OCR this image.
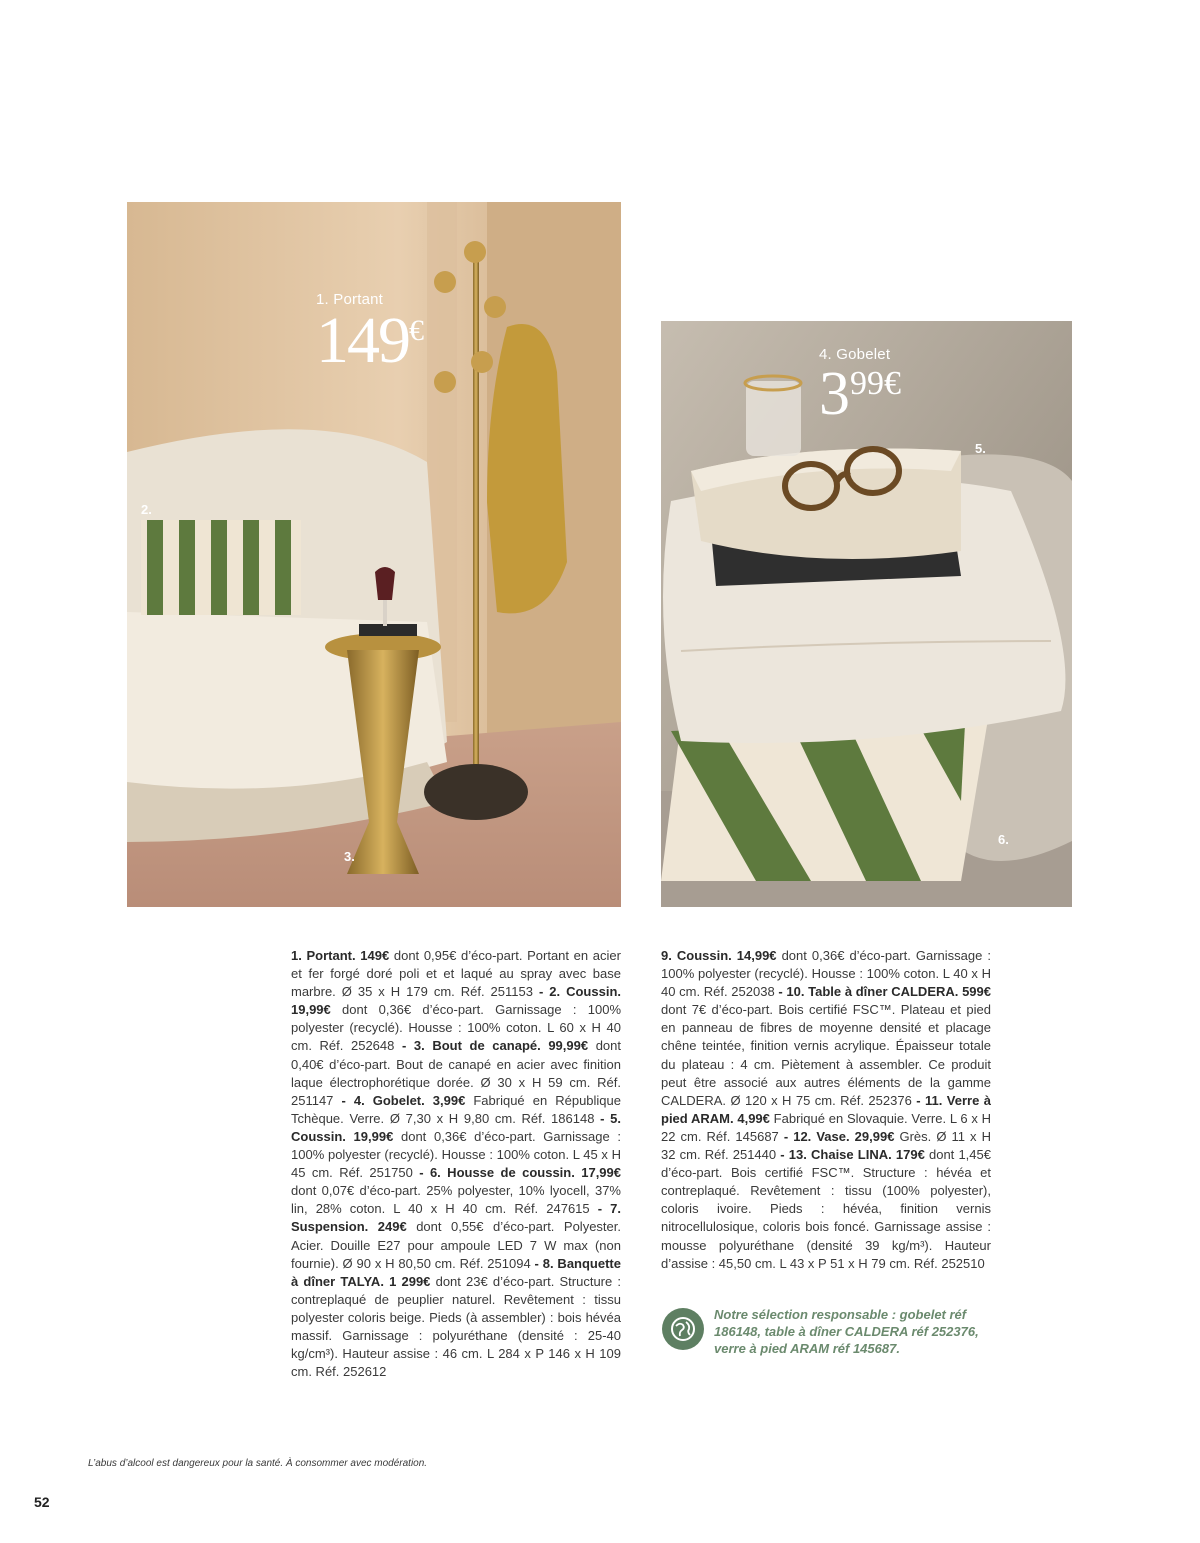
1. Portant
149€
2.
3.
4. Gobelet
399€
5.
6.
1. Portant. 149€ dont 0,95€ d’éco-part. Portant en acier et fer forgé doré poli et et laqué au spray avec base marbre. Ø 35 x H 179 cm. Réf. 251153 - 2. Coussin. 19,99€ dont 0,36€ d’éco-part. Garnissage : 100% polyester (recyclé). Housse : 100% coton. L 60 x H 40 cm. Réf. 252648 - 3. Bout de canapé. 99,99€ dont 0,40€ d’éco-part. Bout de canapé en acier avec finition laque électrophorétique dorée. Ø 30 x H 59 cm. Réf. 251147 - 4. Gobelet. 3,99€ Fabriqué en République Tchèque. Verre. Ø 7,30 x H 9,80 cm. Réf. 186148 - 5. Coussin. 19,99€ dont 0,36€ d’éco-part. Garnissage : 100% polyester (recyclé). Housse : 100% coton. L 45 x H 45 cm. Réf. 251750 - 6. Housse de coussin. 17,99€ dont 0,07€ d’éco-part. 25% polyester, 10% lyocell, 37% lin, 28% coton. L 40 x H 40 cm. Réf. 247615 - 7. Suspension. 249€ dont 0,55€ d’éco-part. Polyester. Acier. Douille E27 pour ampoule LED 7 W max (non fournie). Ø 90 x H 80,50 cm. Réf. 251094 - 8. Banquette à dîner TALYA. 1 299€ dont 23€ d’éco-part. Structure : contreplaqué de peuplier naturel. Revêtement : tissu polyester coloris beige. Pieds (à assembler) : bois hévéa massif. Garnissage : polyuréthane (densité : 25-40 kg/cm³). Hauteur assise : 46 cm. L 284 x P 146 x H 109 cm. Réf. 252612
9. Coussin. 14,99€ dont 0,36€ d’éco-part. Garnissage : 100% polyester (recyclé). Housse : 100% coton. L 40 x H 40 cm. Réf. 252038 - 10. Table à dîner CALDERA. 599€ dont 7€ d’éco-part. Bois certifié FSC™. Plateau et pied en panneau de fibres de moyenne densité et placage chêne teintée, finition vernis acrylique. Épaisseur totale du plateau : 4 cm. Piètement à assembler. Ce produit peut être associé aux autres éléments de la gamme CALDERA. Ø 120 x H 75 cm. Réf. 252376 - 11. Verre à pied ARAM. 4,99€ Fabriqué en Slovaquie. Verre. L 6 x H 22 cm. Réf. 145687 - 12. Vase. 29,99€ Grès. Ø 11 x H 32 cm. Réf. 251440 - 13. Chaise LINA. 179€ dont 1,45€ d’éco-part. Bois certifié FSC™. Structure : hévéa et contreplaqué. Revêtement : tissu (100% polyester), coloris ivoire. Pieds : hévéa, finition vernis nitrocellulosique, coloris bois foncé. Garnissage assise : mousse polyuréthane (densité 39 kg/m³). Hauteur d’assise : 45,50 cm. L 43 x P 51 x H 79 cm. Réf. 252510
Notre sélection responsable : gobelet réf 186148, table à dîner CALDERA réf 252376, verre à pied ARAM réf 145687.
L’abus d’alcool est dangereux pour la santé. À consommer avec modération.
52
